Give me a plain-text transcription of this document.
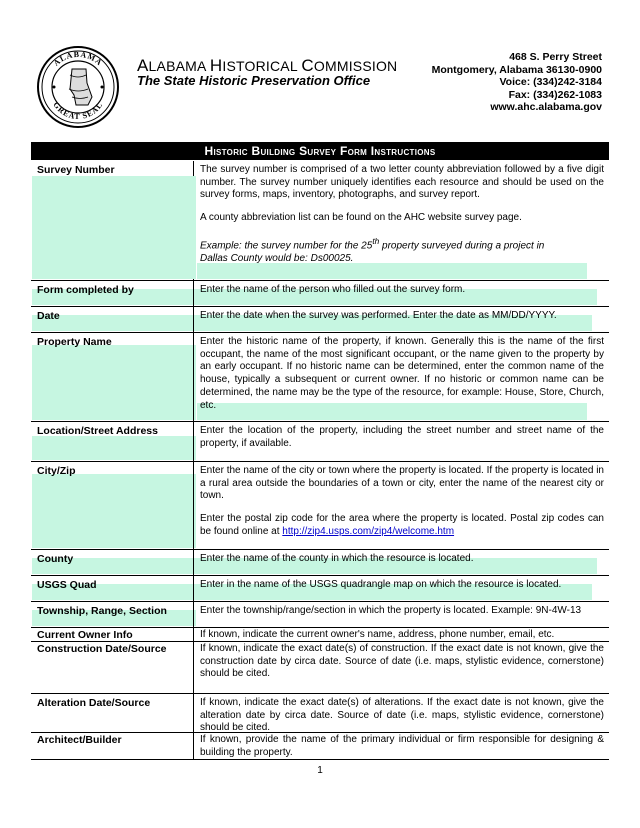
ALABAMA
GREAT SEAL
ALABAMA HISTORICAL COMMISSION
The State Historic Preservation Office
468 S. Perry Street
Montgomery, Alabama 36130-0900
Voice: (334)242-3184
Fax: (334)262-1083
www.ahc.alabama.gov
Historic Building Survey Form Instructions
Survey Number	The survey number is comprised of a two letter county abbreviation followed by a five digit number. The survey number uniquely identifies each resource and should be used on the survey forms, maps, inventory, photographs, and survey report.

A county abbreviation list can be found on the AHC website survey page.

Example: the survey number for the 25th property surveyed during a project in

Dallas County would be: Ds00025.

Form completed by	Enter the name of the person who filled out the survey form.
Date	Enter the date when the survey was performed. Enter the date as MM/DD/YYYY.
Property Name	Enter the historic name of the property, if known. Generally this is the name of the first occupant, the name of the most significant occupant, or the name given to the property by an early occupant. If no historic name can be determined, enter the common name of the house, typically a subsequent or current owner. If no historic or common name can be determined, the name may be the type of the resource, for example: House, Store, Church, etc.
Location/Street Address	Enter the location of the property, including the street number and street name of the property, if available.
City/Zip	Enter the name of the city or town where the property is located. If the property is located in a rural area outside the boundaries of a town or city, enter the name of the nearest city or town.

Enter the postal zip code for the area where the property is located. Postal zip codes can be found online at http://zip4.usps.com/zip4/welcome.htm

County	Enter the name of the county in which the resource is located.
USGS Quad	Enter in the name of the USGS quadrangle map on which the resource is located.
Township, Range, Section	Enter the township/range/section in which the property is located. Example: 9N-4W-13
Current Owner Info	If known, indicate the current owner's name, address, phone number, email, etc.
Construction Date/Source	If known, indicate the exact date(s) of construction. If the exact date is not known, give the construction date by circa date. Source of date (i.e. maps, stylistic evidence, cornerstone) should be cited.
Alteration Date/Source	If known, indicate the exact date(s) of alterations. If the exact date is not known, give the alteration date by circa date. Source of date (i.e. maps, stylistic evidence, cornerstone) should be cited.
Architect/Builder	If known, provide the name of the primary individual or firm responsible for designing & building the property.
1
